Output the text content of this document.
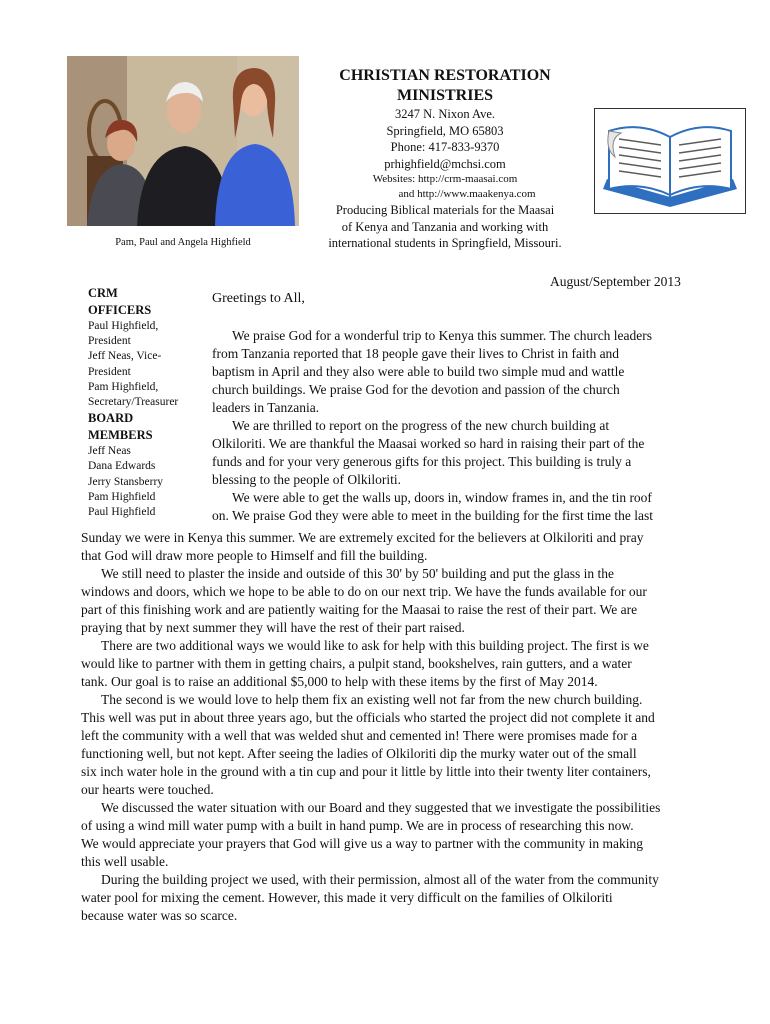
Pam, Paul and Angela Highfield
CHRISTIAN RESTORATION
MINISTRIES
3247 N. Nixon Ave.
Springfield, MO 65803
Phone: 417-833-9370
prhighfield@mchsi.com
Websites: http://crm-maasai.com
and http://www.maakenya.com
Producing Biblical materials for the Maasai
of Kenya and Tanzania and working with
international students in Springfield, Missouri.
August/September 2013
CRM
OFFICERS
Paul Highfield,
President
Jeff Neas, Vice-
President
Pam Highfield,
Secretary/Treasurer
BOARD
MEMBERS
Jeff Neas
Dana Edwards
Jerry Stansberry
Pam Highfield
Paul Highfield
Greetings to All,

We praise God for a wonderful trip to Kenya this summer. The church leaders

from Tanzania reported that 18 people gave their lives to Christ in faith and

baptism in April and they also were able to build two simple mud and wattle

church buildings. We praise God for the devotion and passion of the church

leaders in Tanzania.

We are thrilled to report on the progress of the new church building at

Olkiloriti. We are thankful the Maasai worked so hard in raising their part of the

funds and for your very generous gifts for this project. This building is truly a

blessing to the people of Olkiloriti.

We were able to get the walls up, doors in, window frames in, and the tin roof

on. We praise God they were able to meet in the building for the first time the last

Sunday we were in Kenya this summer. We are extremely excited for the believers at Olkiloriti and pray

that God will draw more people to Himself and fill the building.

We still need to plaster the inside and outside of this 30' by 50' building and put the glass in the

windows and doors, which we hope to be able to do on our next trip. We have the funds available for our

part of this finishing work and are patiently waiting for the Maasai to raise the rest of their part. We are

praying that by next summer they will have the rest of their part raised.

There are two additional ways we would like to ask for help with this building project. The first is we

would like to partner with them in getting chairs, a pulpit stand, bookshelves, rain gutters, and a water

tank. Our goal is to raise an additional $5,000 to help with these items by the first of May 2014.

The second is we would love to help them fix an existing well not far from the new church building.

This well was put in about three years ago, but the officials who started the project did not complete it and

left the community with a well that was welded shut and cemented in! There were promises made for a

functioning well, but not kept. After seeing the ladies of Olkiloriti dip the murky water out of the small

six inch water hole in the ground with a tin cup and pour it little by little into their twenty liter containers,

our hearts were touched.

We discussed the water situation with our Board and they suggested that we investigate the possibilities

of using a wind mill water pump with a built in hand pump. We are in process of researching this now.

We would appreciate your prayers that God will give us a way to partner with the community in making

this well usable.

During the building project we used, with their permission, almost all of the water from the community

water pool for mixing the cement. However, this made it very difficult on the families of Olkiloriti

because water was so scarce.
